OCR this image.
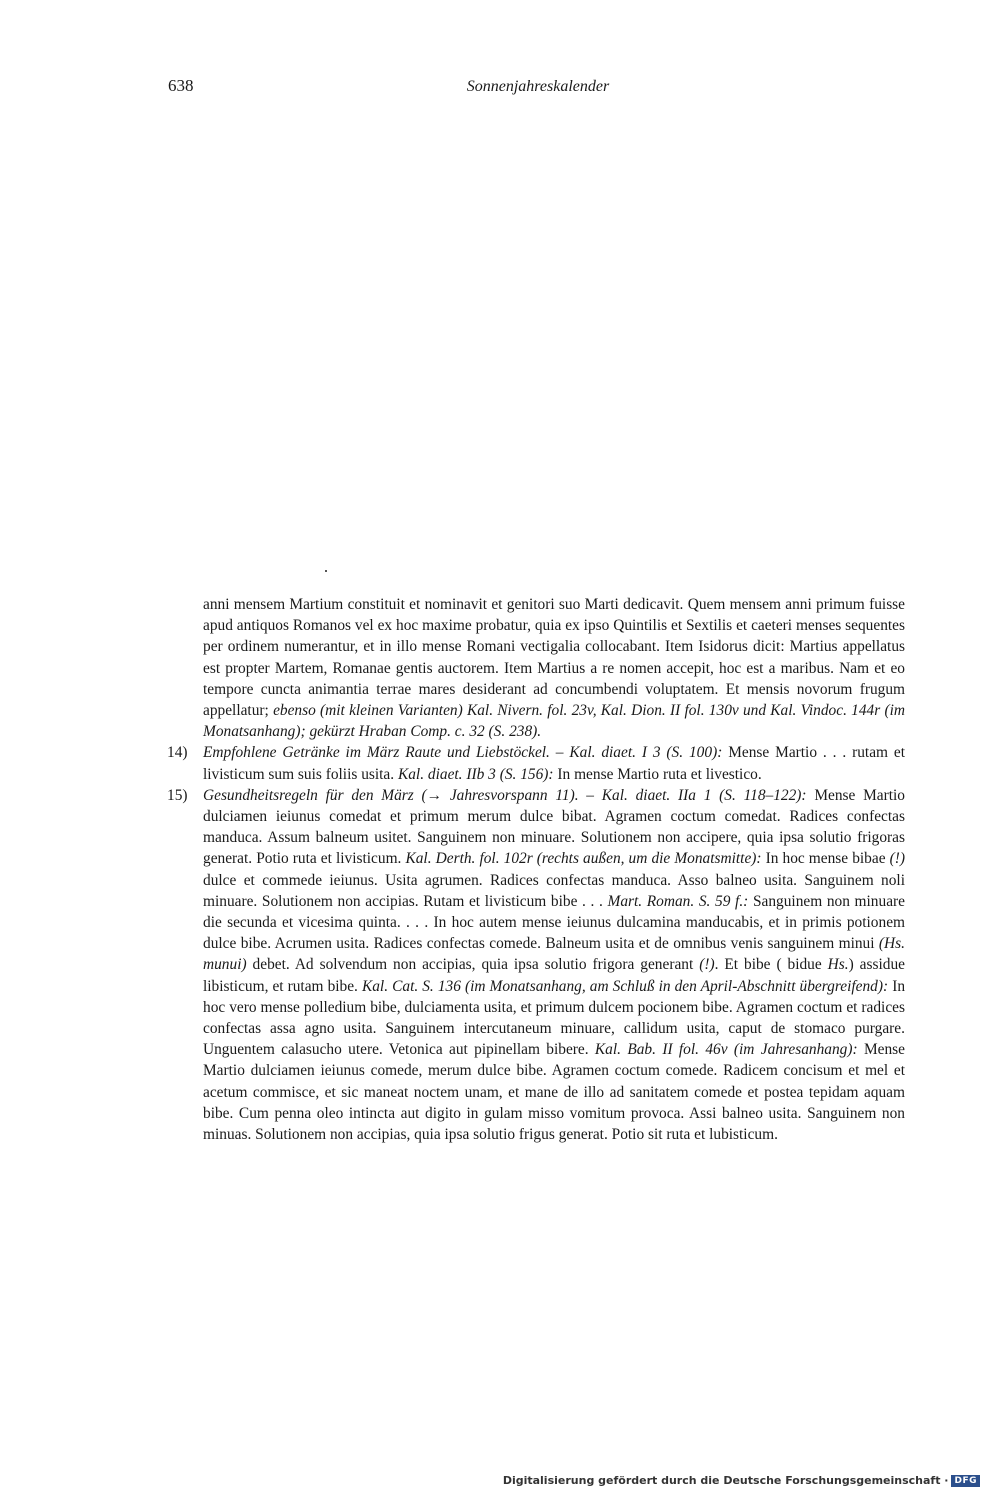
638	Sonnenjahreskalender

anni mensem Martium constituit et nominavit et genitori suo Marti dedicavit. Quem mensem anni primum fuisse apud antiquos Romanos vel ex hoc maxime probatur, quia ex ipso Quintilis et Sextilis et caeteri menses sequentes per ordinem numerantur, et in illo mense Romani vectigalia collocabant. Item Isidorus dicit: Martius appellatus est propter Martem, Romanae gentis auctorem. Item Martius a re nomen accepit, hoc est a maribus. Nam et eo tempore cuncta animantia terrae mares desiderant ad concumbendi voluptatem. Et mensis novorum frugum appellatur; ebenso (mit kleinen Varianten) Kal. Nivern. fol. 23v, Kal. Dion. II fol. 130v und Kal. Vindoc. 144r (im Monatsanhang); gekürzt Hraban Comp. c. 32 (S. 238).

14) Empfohlene Getränke im März Raute und Liebstöckel. – Kal. diaet. I 3 (S. 100): Mense Martio . . . rutam et livisticum sum suis foliis usita. Kal. diaet. IIb 3 (S. 156): In mense Martio ruta et livestico.

15) Gesundheitsregeln für den März (→ Jahresvorspann 11). – Kal. diaet. IIa 1 (S. 118–122): Mense Martio dulciamen ieiunus comedat et primum merum dulce bibat. Agramen coctum comedat. Radices confectas manduca. Assum balneum usitet. Sanguinem non minuare. Solutionem non accipere, quia ipsa solutio frigoras generat. Potio ruta et livisticum. Kal. Derth. fol. 102r (rechts außen, um die Monatsmitte): In hoc mense bibae (!) dulce et commede ieiunus. Usita agrumen. Radices confectas manduca. Asso balneo usita. Sanguinem noli minuare. Solutionem non accipias. Rutam et livisticum bibe . . . Mart. Roman. S. 59 f.: Sanguinem non minuare die secunda et vicesima quinta. . . . In hoc autem mense ieiunus dulcamina manducabis, et in primis potionem dulce bibe. Acrumen usita. Radices confectas comede. Balneum usita et de omnibus venis sanguinem minui (Hs. munui) debet. Ad solvendum non accipias, quia ipsa solutio frigora generant (!). Et bibe ( bidue Hs.) assidue libisticum, et rutam bibe. Kal. Cat. S. 136 (im Monatsanhang, am Schluß in den April-Abschnitt übergreifend): In hoc vero mense polledium bibe, dulciamenta usita, et primum dulcem pocionem bibe. Agramen coctum et radices confectas assa agno usita. Sanguinem intercutaneum minuare, callidum usita, caput de stomaco purgare. Unguentem calasucho utere. Vetonica aut pipinellam bibere. Kal. Bab. II fol. 46v (im Jahresanhang): Mense Martio dulciamen ieiunus comede, merum dulce bibe. Agramen coctum comede. Radicem concisum et mel et acetum commisce, et sic maneat noctem unam, et mane de illo ad sanitatem comede et postea tepidam aquam bibe. Cum penna oleo intincta aut digito in gulam misso vomitum provoca. Assi balneo usita. Sanguinem non minuas. Solutionem non accipias, quia ipsa solutio frigus generat. Potio sit ruta et lubisticum.

Digitalisierung gefördert durch die Deutsche Forschungsgemeinschaft · DFG
